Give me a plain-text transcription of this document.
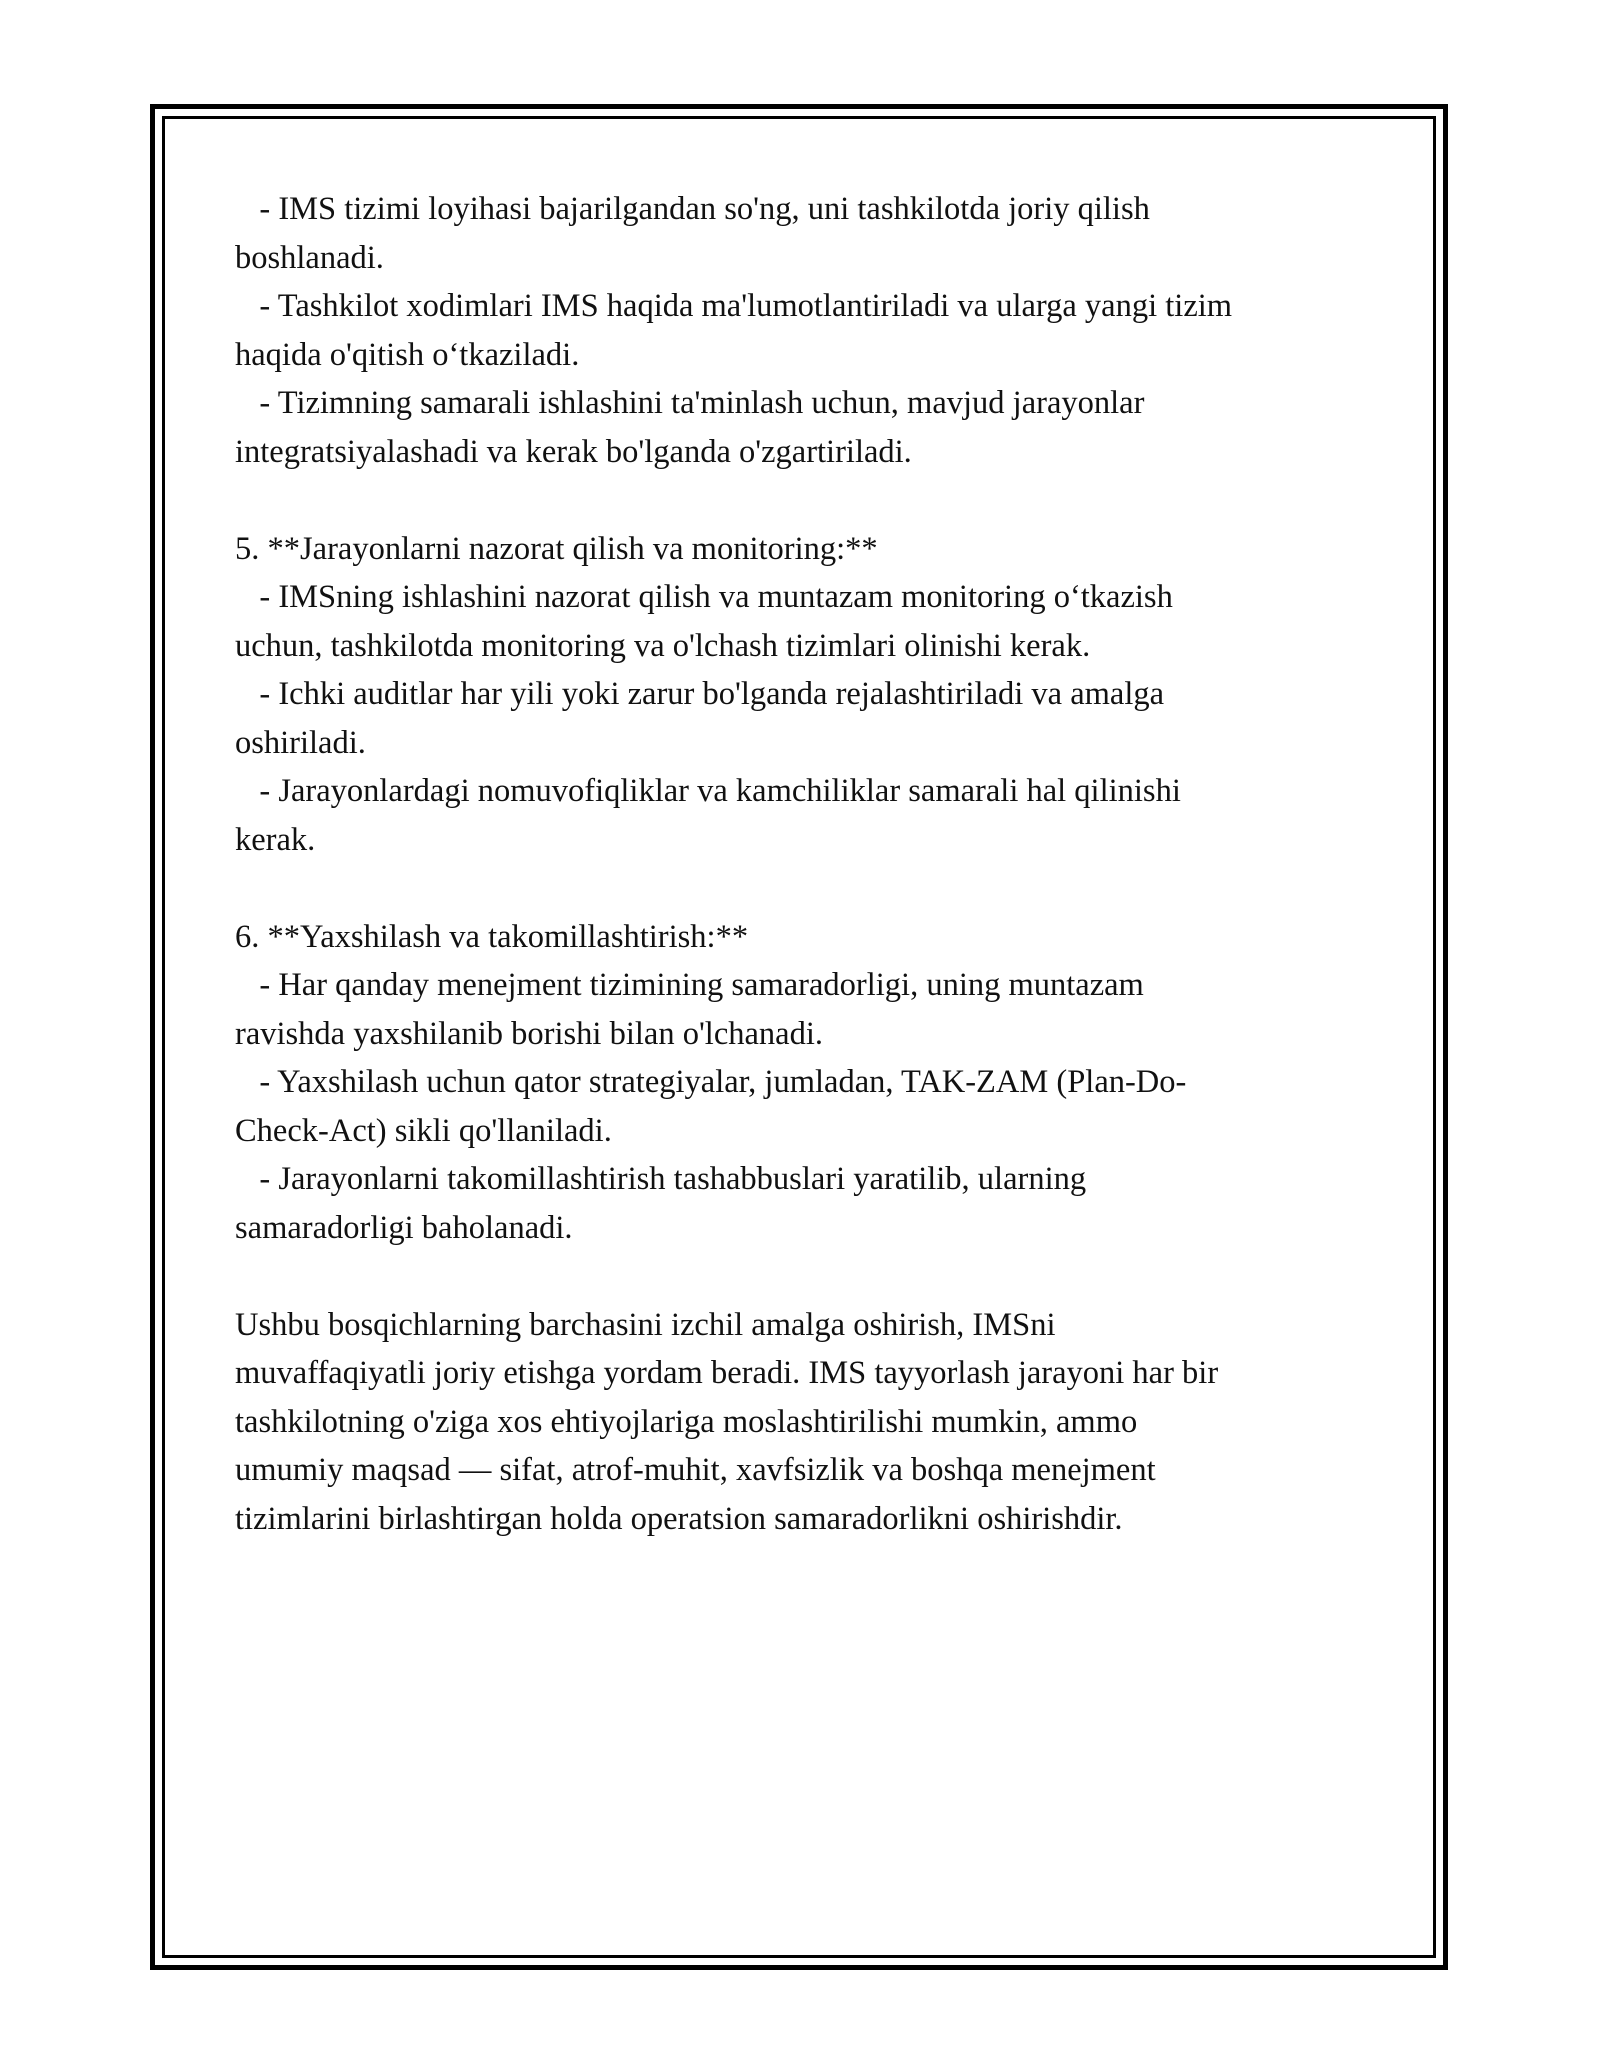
- IMS tizimi loyihasi bajarilgandan so'ng, uni tashkilotda joriy qilish
boshlanadi.
- Tashkilot xodimlari IMS haqida ma'lumotlantiriladi va ularga yangi tizim
haqida o'qitish o‘tkaziladi.
- Tizimning samarali ishlashini ta'minlash uchun, mavjud jarayonlar
integratsiyalashadi va kerak bo'lganda o'zgartiriladi.
5. **Jarayonlarni nazorat qilish va monitoring:**
- IMSning ishlashini nazorat qilish va muntazam monitoring o‘tkazish
uchun, tashkilotda monitoring va o'lchash tizimlari olinishi kerak.
- Ichki auditlar har yili yoki zarur bo'lganda rejalashtiriladi va amalga
oshiriladi.
- Jarayonlardagi nomuvofiqliklar va kamchiliklar samarali hal qilinishi
kerak.
6. **Yaxshilash va takomillashtirish:**
- Har qanday menejment tizimining samaradorligi, uning muntazam
ravishda yaxshilanib borishi bilan o'lchanadi.
- Yaxshilash uchun qator strategiyalar, jumladan, TAK-ZAM (Plan-Do-
Check-Act) sikli qo'llaniladi.
- Jarayonlarni takomillashtirish tashabbuslari yaratilib, ularning
samaradorligi baholanadi.
Ushbu bosqichlarning barchasini izchil amalga oshirish, IMSni
muvaffaqiyatli joriy etishga yordam beradi. IMS tayyorlash jarayoni har bir
tashkilotning o'ziga xos ehtiyojlariga moslashtirilishi mumkin, ammo
umumiy maqsad — sifat, atrof-muhit, xavfsizlik va boshqa menejment
tizimlarini birlashtirgan holda operatsion samaradorlikni oshirishdir.
